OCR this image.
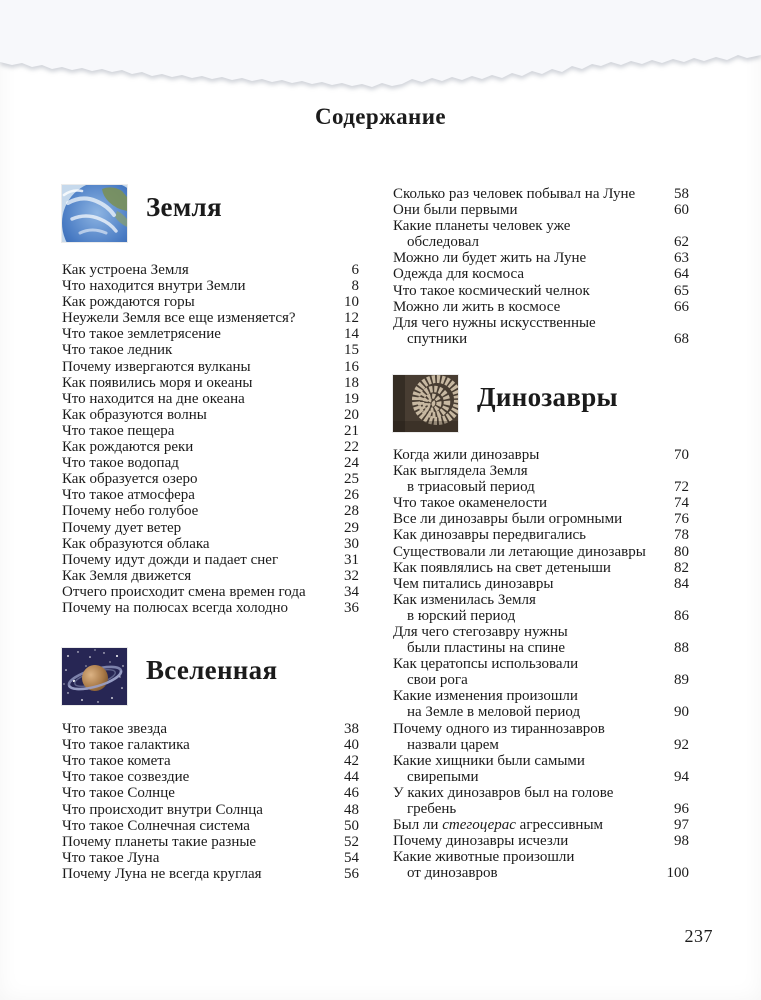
Содержание
Земля
Как устроена Земля	6
Что находится внутри Земли	8
Как рождаются горы	10
Неужели Земля все еще изменяется?	12
Что такое землетрясение	14
Что такое ледник	15
Почему извергаются вулканы	16
Как появились моря и океаны	18
Что находится на дне океана	19
Как образуются волны	20
Что такое пещера	21
Как рождаются реки	22
Что такое водопад	24
Как образуется озеро	25
Что такое атмосфера	26
Почему небо голубое	28
Почему дует ветер	29
Как образуются облака	30
Почему идут дожди и падает снег	31
Как Земля движется	32
Отчего происходит смена времен года	34
Почему на полюсах всегда холодно	36
Вселенная
Что такое звезда	38
Что такое галактика	40
Что такое комета	42
Что такое созвездие	44
Что такое Солнце	46
Что происходит внутри Солнца	48
Что такое Солнечная система	50
Почему планеты такие разные	52
Что такое Луна	54
Почему Луна не всегда круглая	56
Сколько раз человек побывал на Луне	58
Они были первыми	60
Какие планеты человек уже
обследовал	62
Можно ли будет жить на Луне	63
Одежда для космоса	64
Что такое космический челнок	65
Можно ли жить в космосе	66
Для чего нужны искусственные
спутники	68
Динозавры
Когда жили динозавры	70
Как выглядела Земля
в триасовый период	72
Что такое окаменелости	74
Все ли динозавры были огромными	76
Как динозавры передвигались	78
Существовали ли летающие динозавры	80
Как появлялись на свет детеныши	82
Чем питались динозавры	84
Как изменилась Земля
в юрский период	86
Для чего стегозавру нужны
были пластины на спине	88
Как цератопсы использовали
свои рога	89
Какие изменения произошли
на Земле в меловой период	90
Почему одного из тираннозавров
назвали царем	92
Какие хищники были самыми
свирепыми	94
У каких динозавров был на голове
гребень	96
Был ли стегоцерас агрессивным	97
Почему динозавры исчезли	98
Какие животные произошли
от динозавров	100
237
